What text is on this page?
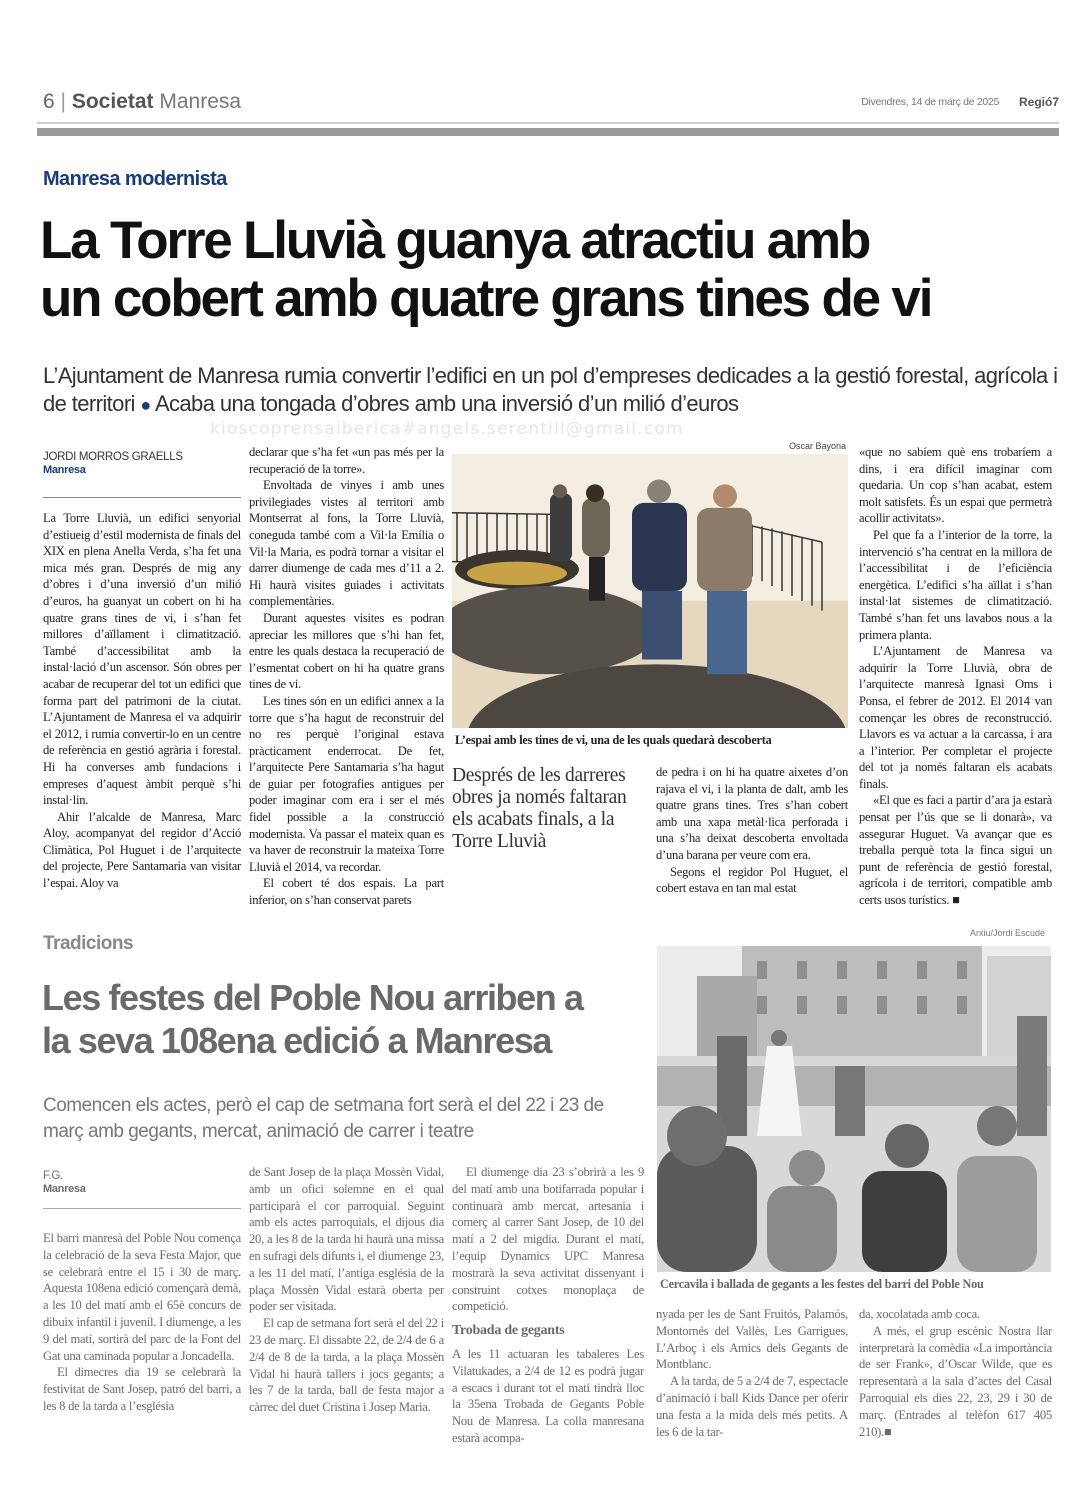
6 | Societat Manresa	Divendres, 14 de març de 2025 Regió7
Manresa modernista
La Torre Lluvià guanya atractiu amb
un cobert amb quatre grans tines de vi
L’Ajuntament de Manresa rumia convertir l’edifici en un pol d’empreses dedicades a la gestió forestal, agrícola i de territori ● Acaba una tongada d’obres amb una inversió d’un milió d’euros
kioscoprensaiberica#angels.serentill@gmail.com
JORDI MORROS GRAELLS
Manresa

La Torre Lluvià, un edifici senyorial d’estiueig d’estil modernista de finals del XIX en plena Anella Verda, s’ha fet una mica més gran. Després de mig any d’obres i d’una inversió d’un milió d’euros, ha guanyat un cobert on hi ha quatre grans tines de vi, i s’han fet millores d’aïllament i climatització. També d’accessibilitat amb la instal·lació d’un ascensor. Són obres per acabar de recuperar del tot un edifici que forma part del patrimoni de la ciutat. L’Ajuntament de Manresa el va adquirir el 2012, i rumia convertir-lo en un centre de referència en gestió agrària i forestal. Hi ha converses amb fundacions i empreses d’aquest àmbit perquè s’hi instal·lin.

Ahir l’alcalde de Manresa, Marc Aloy, acompanyat del regidor d’Acció Climàtica, Pol Huguet i de l’arquitecte del projecte, Pere Santamaria van visitar l’espai. Aloy va

declarar que s’ha fet «un pas més per la recuperació de la torre».

Envoltada de vinyes i amb unes privilegiades vistes al territori amb Montserrat al fons, la Torre Lluvià, coneguda també com a Vil·la Emília o Vil·la Maria, es podrà tornar a visitar el darrer diumenge de cada mes d’11 a 2. Hi haurà visites guiades i activitats complementàries.

Durant aquestes visites es podran apreciar les millores que s’hi han fet, entre les quals destaca la recuperació de l’esmentat cobert on hi ha quatre grans tines de vi.

Les tines són en un edifici annex a la torre que s’ha hagut de reconstruir del no res perquè l’original estava pràcticament enderrocat. De fet, l’arquitecte Pere Santamaria s’ha hagut de guiar per fotografies antigues per poder imaginar com era i ser el més fidel possible a la construcció modernista. Va passar el mateix quan es va haver de reconstruir la mateixa Torre Lluvià el 2014, va recordar.

El cobert té dos espais. La part inferior, on s’han conservat parets

Oscar Bayona
L’espai amb les tines de vi, una de les quals quedarà descoberta
Després de les darreres obres ja només faltaran els acabats finals, a la Torre Lluvià

de pedra i on hi ha quatre aixetes d’on rajava el vi, i la planta de dalt, amb les quatre grans tines. Tres s’han cobert amb una xapa metàl·lica perforada i una s’ha deixat descoberta envoltada d’una barana per veure com era.

Segons el regidor Pol Huguet, el cobert estava en tan mal estat

«que no sabíem què ens trobaríem a dins, i era difícil imaginar com quedaria. Un cop s’han acabat, estem molt satisfets. És un espai que permetrà acollir activitats».

Pel que fa a l’interior de la torre, la intervenció s’ha centrat en la millora de l’accessibilitat i de l’eficiència energètica. L’edifici s’ha aïllat i s’han instal·lat sistemes de climatització. També s’han fet uns lavabos nous a la primera planta.

L’Ajuntament de Manresa va adquirir la Torre Lluvià, obra de l’arquitecte manresà Ignasi Oms i Ponsa, el febrer de 2012. El 2014 van començar les obres de reconstrucció. Llavors es va actuar a la carcassa, i ara a l’interior. Per completar el projecte del tot ja només faltaran els acabats finals.

«El que es faci a partir d’ara ja estarà pensat per l’ús que se li donarà», va assegurar Huguet. Va avançar que es treballa perquè tota la finca sigui un punt de referència de gestió forestal, agrícola i de territori, compatible amb certs usos turístics. ■

Tradicions
Les festes del Poble Nou arriben a
la seva 108ena edició a Manresa
Comencen els actes, però el cap de setmana fort serà el del 22 i 23 de març amb gegants, mercat, animació de carrer i teatre
F.G.
Manresa

El barri manresà del Poble Nou comença la celebració de la seva Festa Major, que se celebrarà entre el 15 i 30 de març. Aquesta 108ena edició començarà demà, a les 10 del matí amb el 65è concurs de dibuix infantil i juvenil. I diumenge, a les 9 del matí, sortirà del parc de la Font del Gat una caminada popular a Joncadella.

El dimecres dia 19 se celebrarà la festivitat de Sant Josep, patró del barri, a les 8 de la tarda a l’església

de Sant Josep de la plaça Mossèn Vidal, amb un ofici solemne en el qual participarà el cor parroquial. Seguint amb els actes parroquials, el dijous dia 20, a les 8 de la tarda hi haurà una missa en sufragi dels difunts i, el diumenge 23, a les 11 del matí, l’antiga església de la plaça Mossèn Vidal estarà oberta per poder ser visitada.

El cap de setmana fort serà el del 22 i 23 de març. El dissabte 22, de 2/4 de 6 a 2/4 de 8 de la tarda, a la plaça Mossèn Vidal hi haurà tallers i jocs gegants; a les 7 de la tarda, ball de festa major a càrrec del duet Cristina i Josep Maria.

El diumenge dia 23 s’obrirà a les 9 del matí amb una botifarrada popular i continuarà amb mercat, artesania i comerç al carrer Sant Josep, de 10 del matí a 2 del migdia. Durant el matí, l’equip Dynamics UPC Manresa mostrarà la seva activitat dissenyant i construint cotxes monoplaça de competició.

Trobada de gegants

A les 11 actuaran les tabaleres Les Vilatukades, a 2/4 de 12 es podrà jugar a escacs i durant tot el matí tindrà lloc la 35ena Trobada de Gegants Poble Nou de Manresa. La colla manresana estarà acompa-

Arxiu/Jordi Escudé
Cercavila i ballada de gegants a les festes del barri del Poble Nou

nyada per les de Sant Fruitós, Palamós, Montornés del Vallès, Les Garrigues, L’Arboç i els Amics dels Gegants de Montblanc.

A la tarda, de 5 a 2/4 de 7, espectacle d’animació i ball Kids Dance per oferir una festa a la mida dels més petits. A les 6 de la tar-

da, xocolatada amb coca.

A més, el grup escènic Nostra llar interpretarà la comèdia «La importància de ser Frank», d’Oscar Wilde, que es representarà a la sala d’actes del Casal Parroquial els dies 22, 23, 29 i 30 de març. (Entrades al telèfon 617 405 210).■
